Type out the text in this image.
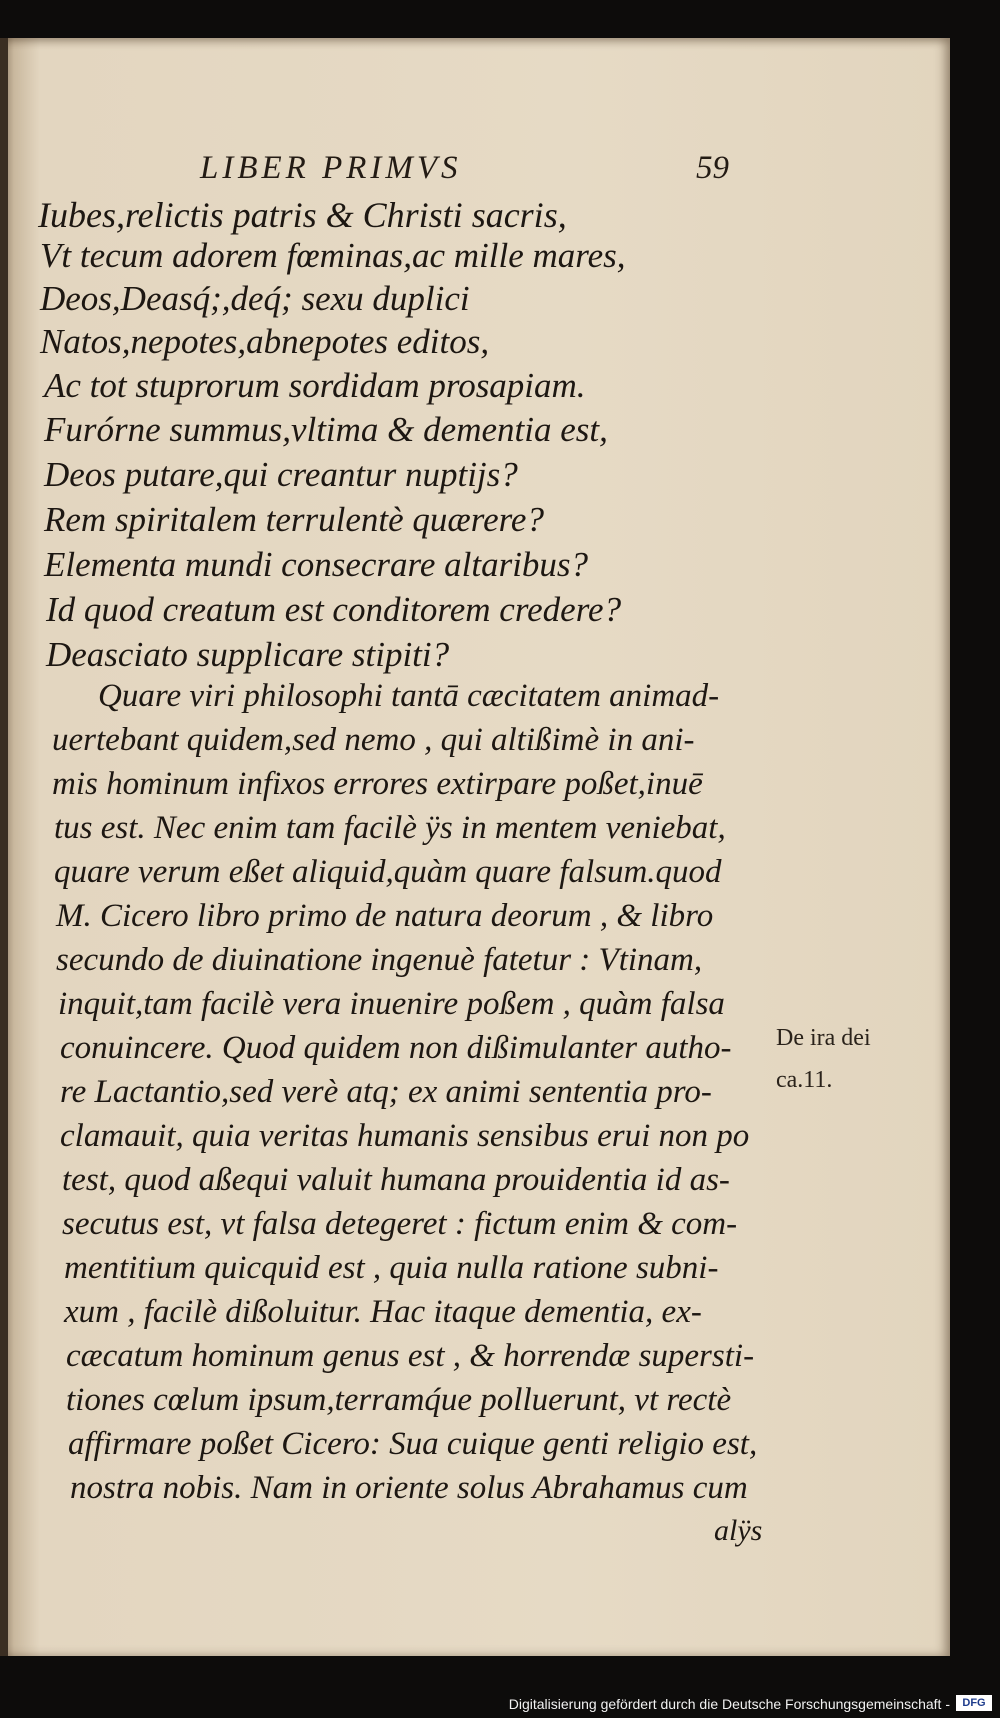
LIBER PRIMVS	59
Iubes,relictis patris & Christi sacris,
Vt tecum adorem fœminas,ac mille mares,
Deos,Deasq́;,deq́; sexu duplici
Natos,nepotes,abnepotes editos,
Ac tot stuprorum sordidam prosapiam.
Furórne summus,vltima & dementia est,
Deos putare,qui creantur nuptijs?
Rem spiritalem terrulentè quærere?
Elementa mundi consecrare altaribus?
Id quod creatum est conditorem credere?
Deasciato supplicare stipiti?
Quare viri philosophi tantā cæcitatem animad-
uertebant quidem,sed nemo , qui altißimè in ani-
mis hominum infixos errores extirpare poßet,inuē
tus est. Nec enim tam facilè ÿs in mentem veniebat,
quare verum eßet aliquid,quàm quare falsum.quod
M. Cicero libro primo de natura deorum , & libro
secundo de diuinatione ingenuè fatetur : Vtinam,
inquit,tam facilè vera inuenire poßem , quàm falsa
conuincere. Quod quidem non dißimulanter autho-
re Lactantio,sed verè atq; ex animi sententia pro-
clamauit, quia veritas humanis sensibus erui non po
test, quod aßequi valuit humana prouidentia id as-
secutus est, vt falsa detegeret : fictum enim & com-
mentitium quicquid est , quia nulla ratione subni-
xum , facilè dißoluitur. Hac itaque dementia, ex-
cæcatum hominum genus est , & horrendæ supersti-
tiones cœlum ipsum,terramq́ue polluerunt, vt rectè
affirmare poßet Cicero: Sua cuique genti religio est,
nostra nobis. Nam in oriente solus Abrahamus cum
alÿs
De ira dei
ca.11.
Digitalisierung gefördert durch die Deutsche Forschungsgemeinschaft -	DFG
